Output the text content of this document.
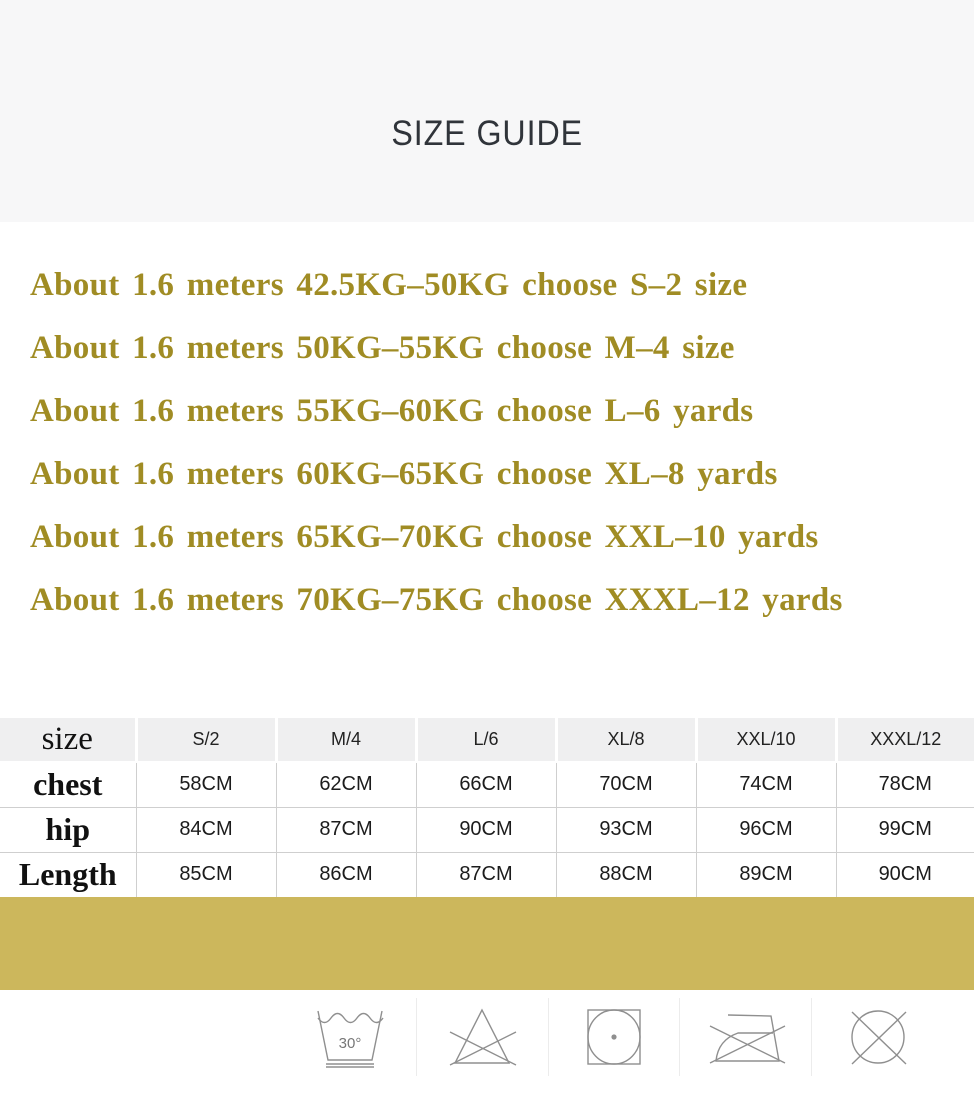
SIZE GUIDE
About 1.6 meters 42.5KG–50KG choose S–2 size
About 1.6 meters 50KG–55KG choose M–4 size
About 1.6 meters 55KG–60KG choose L–6 yards
About 1.6 meters 60KG–65KG choose XL–8 yards
About 1.6 meters 65KG–70KG choose XXL–10 yards
About 1.6 meters 70KG–75KG choose XXXL–12 yards
size	S/2	M/4	L/6	XL/8	XXL/10	XXXL/12
chest	58CM	62CM	66CM	70CM	74CM	78CM
hip	84CM	87CM	90CM	93CM	96CM	99CM
Length	85CM	86CM	87CM	88CM	89CM	90CM
30°
